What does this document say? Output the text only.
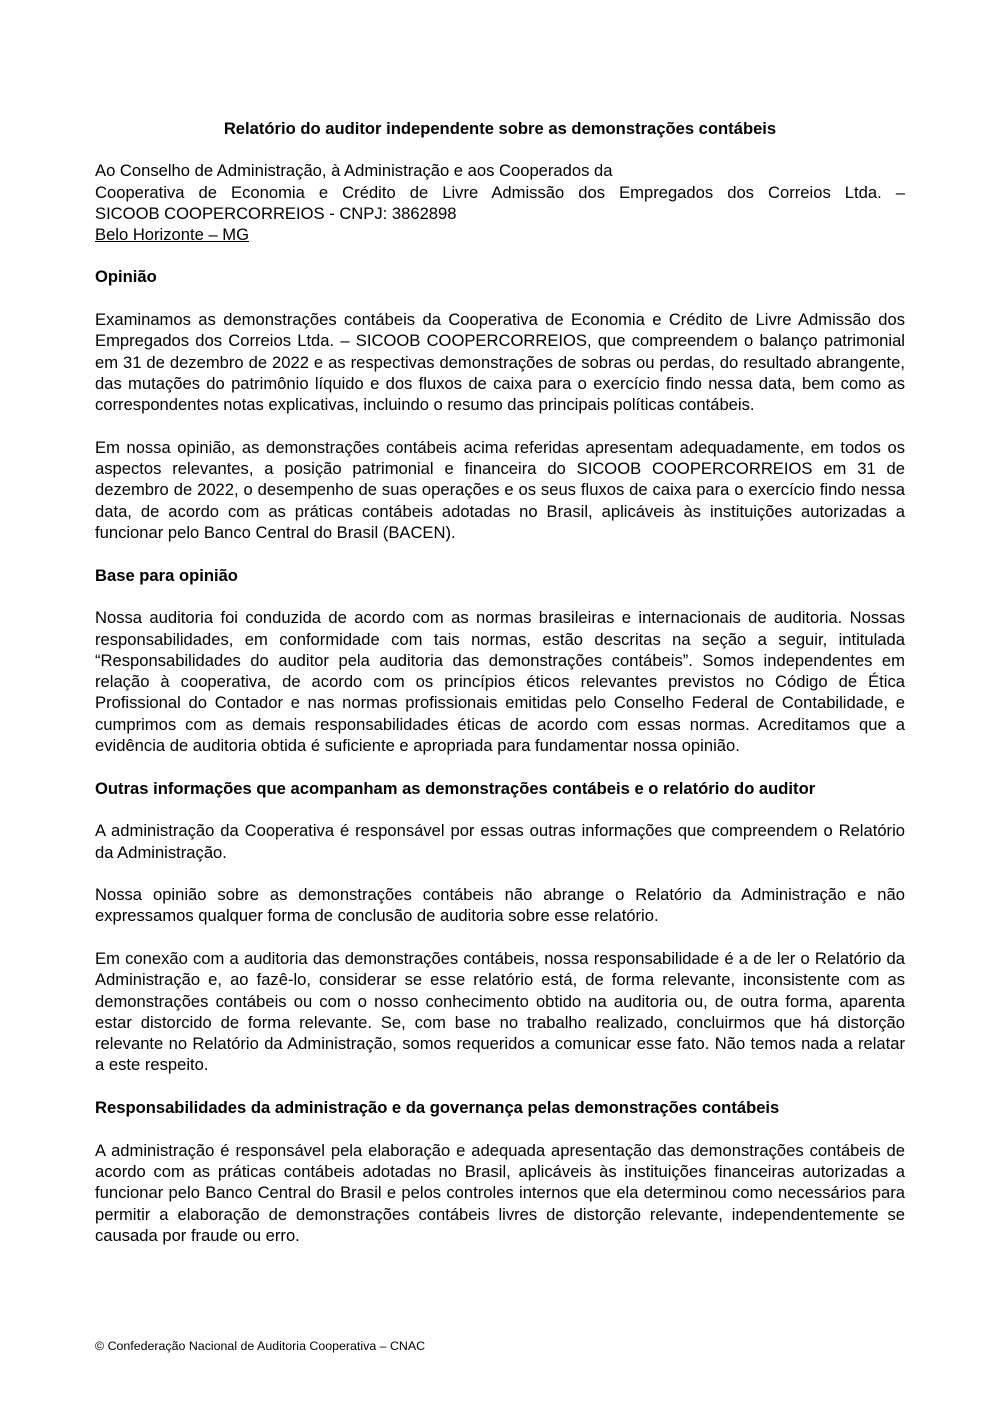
Relatório do auditor independente sobre as demonstrações contábeis
Ao Conselho de Administração, à Administração e aos Cooperados da
Cooperativa de Economia e Crédito de Livre Admissão dos Empregados dos Correios Ltda. –
SICOOB COOPERCORREIOS - CNPJ: 3862898
Belo Horizonte – MG
Opinião

Examinamos as demonstrações contábeis da Cooperativa de Economia e Crédito de Livre Admissão dos Empregados dos Correios Ltda. – SICOOB COOPERCORREIOS, que compreendem o balanço patrimonial em 31 de dezembro de 2022 e as respectivas demonstrações de sobras ou perdas, do resultado abrangente, das mutações do patrimônio líquido e dos fluxos de caixa para o exercício findo nessa data, bem como as correspondentes notas explicativas, incluindo o resumo das principais políticas contábeis.

Em nossa opinião, as demonstrações contábeis acima referidas apresentam adequadamente, em todos os aspectos relevantes, a posição patrimonial e financeira do SICOOB COOPERCORREIOS em 31 de dezembro de 2022, o desempenho de suas operações e os seus fluxos de caixa para o exercício findo nessa data, de acordo com as práticas contábeis adotadas no Brasil, aplicáveis às instituições autorizadas a funcionar pelo Banco Central do Brasil (BACEN).

Base para opinião

Nossa auditoria foi conduzida de acordo com as normas brasileiras e internacionais de auditoria. Nossas responsabilidades, em conformidade com tais normas, estão descritas na seção a seguir, intitulada “Responsabilidades do auditor pela auditoria das demonstrações contábeis”. Somos independentes em relação à cooperativa, de acordo com os princípios éticos relevantes previstos no Código de Ética Profissional do Contador e nas normas profissionais emitidas pelo Conselho Federal de Contabilidade, e cumprimos com as demais responsabilidades éticas de acordo com essas normas. Acreditamos que a evidência de auditoria obtida é suficiente e apropriada para fundamentar nossa opinião.

Outras informações que acompanham as demonstrações contábeis e o relatório do auditor

A administração da Cooperativa é responsável por essas outras informações que compreendem o Relatório da Administração.

Nossa opinião sobre as demonstrações contábeis não abrange o Relatório da Administração e não expressamos qualquer forma de conclusão de auditoria sobre esse relatório.

Em conexão com a auditoria das demonstrações contábeis, nossa responsabilidade é a de ler o Relatório da Administração e, ao fazê-lo, considerar se esse relatório está, de forma relevante, inconsistente com as demonstrações contábeis ou com o nosso conhecimento obtido na auditoria ou, de outra forma, aparenta estar distorcido de forma relevante. Se, com base no trabalho realizado, concluirmos que há distorção relevante no Relatório da Administração, somos requeridos a comunicar esse fato. Não temos nada a relatar a este respeito.

Responsabilidades da administração e da governança pelas demonstrações contábeis

A administração é responsável pela elaboração e adequada apresentação das demonstrações contábeis de acordo com as práticas contábeis adotadas no Brasil, aplicáveis às instituições financeiras autorizadas a funcionar pelo Banco Central do Brasil e pelos controles internos que ela determinou como necessários para permitir a elaboração de demonstrações contábeis livres de distorção relevante, independentemente se causada por fraude ou erro.

© Confederação Nacional de Auditoria Cooperativa – CNAC
